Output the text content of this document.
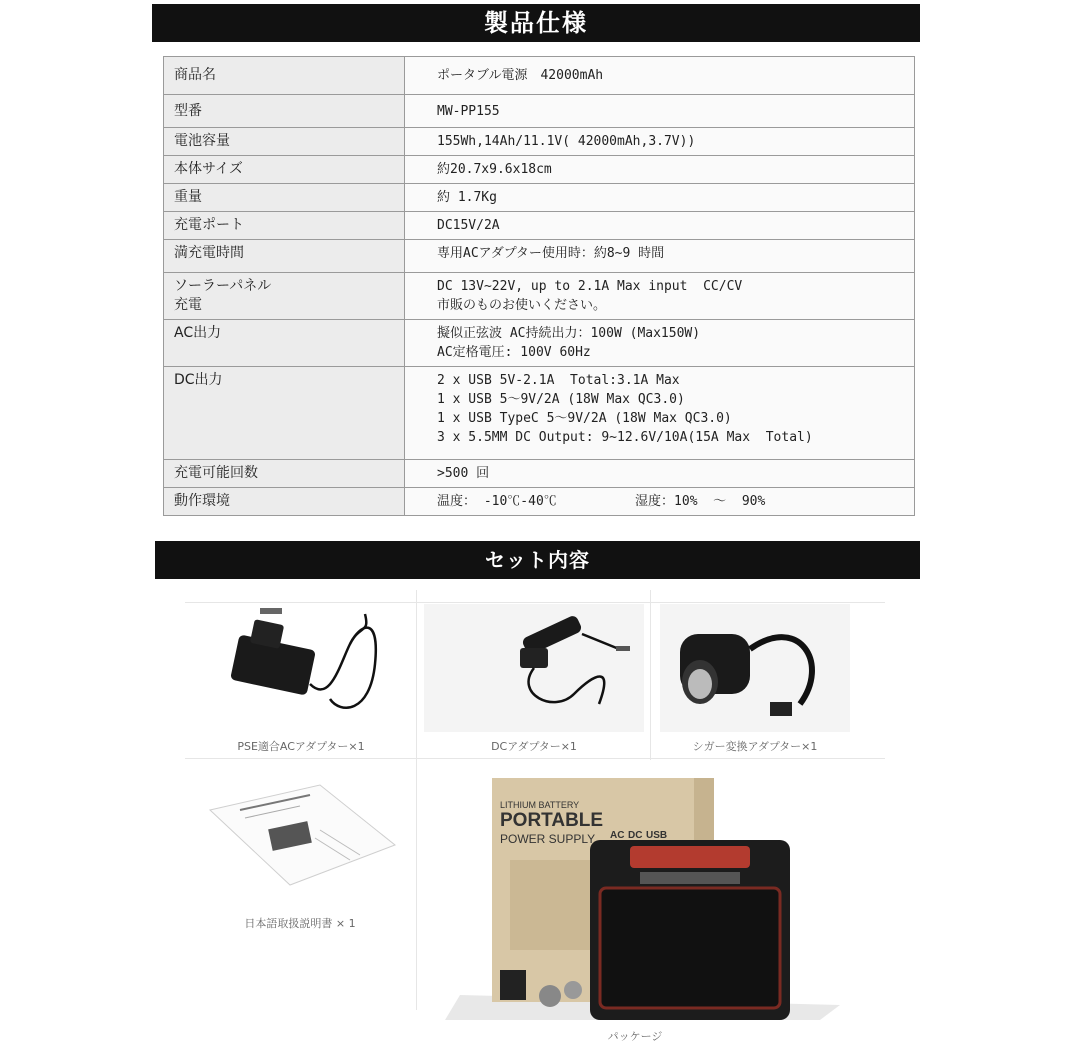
製品仕様
商品名	ポータブル電源　42000mAh

型番	MW-PP155

電池容量	155Wh,14Ah/11.1V( 42000mAh,3.7V))

本体サイズ	約20.7x9.6x18cm

重量	約 1.7Kg

充電ポート	DC15V/2A

満充電時間	専用ACアダプター使用時：約8~9 時間

ソーラーパネル
充電	DC 13V~22V, up to 2.1A Max input  CC/CV
市販のものお使いください。

AC出力	擬似正弦波 AC持続出力：100W (Max150W)
AC定格電圧: 100V 60Hz

DC出力	2 x USB 5V-2.1A  Total:3.1A Max
1 x USB 5～9V/2A (18W Max QC3.0)
1 x USB TypeC 5～9V/2A (18W Max QC3.0)
3 x 5.5MM DC Output: 9~12.6V/10A(15A Max  Total)

充電可能回数	>500 回

動作環境	温度： -10℃-40℃          湿度：10%  ～  90%
セット内容
PSE適合ACアダプター×1	DCアダプター×1	シガー変換アダプター×1
日本語取扱説明書 × 1
LITHIUM BATTERY
PORTABLE
POWER SUPPLY AC DC USB
パッケージ
